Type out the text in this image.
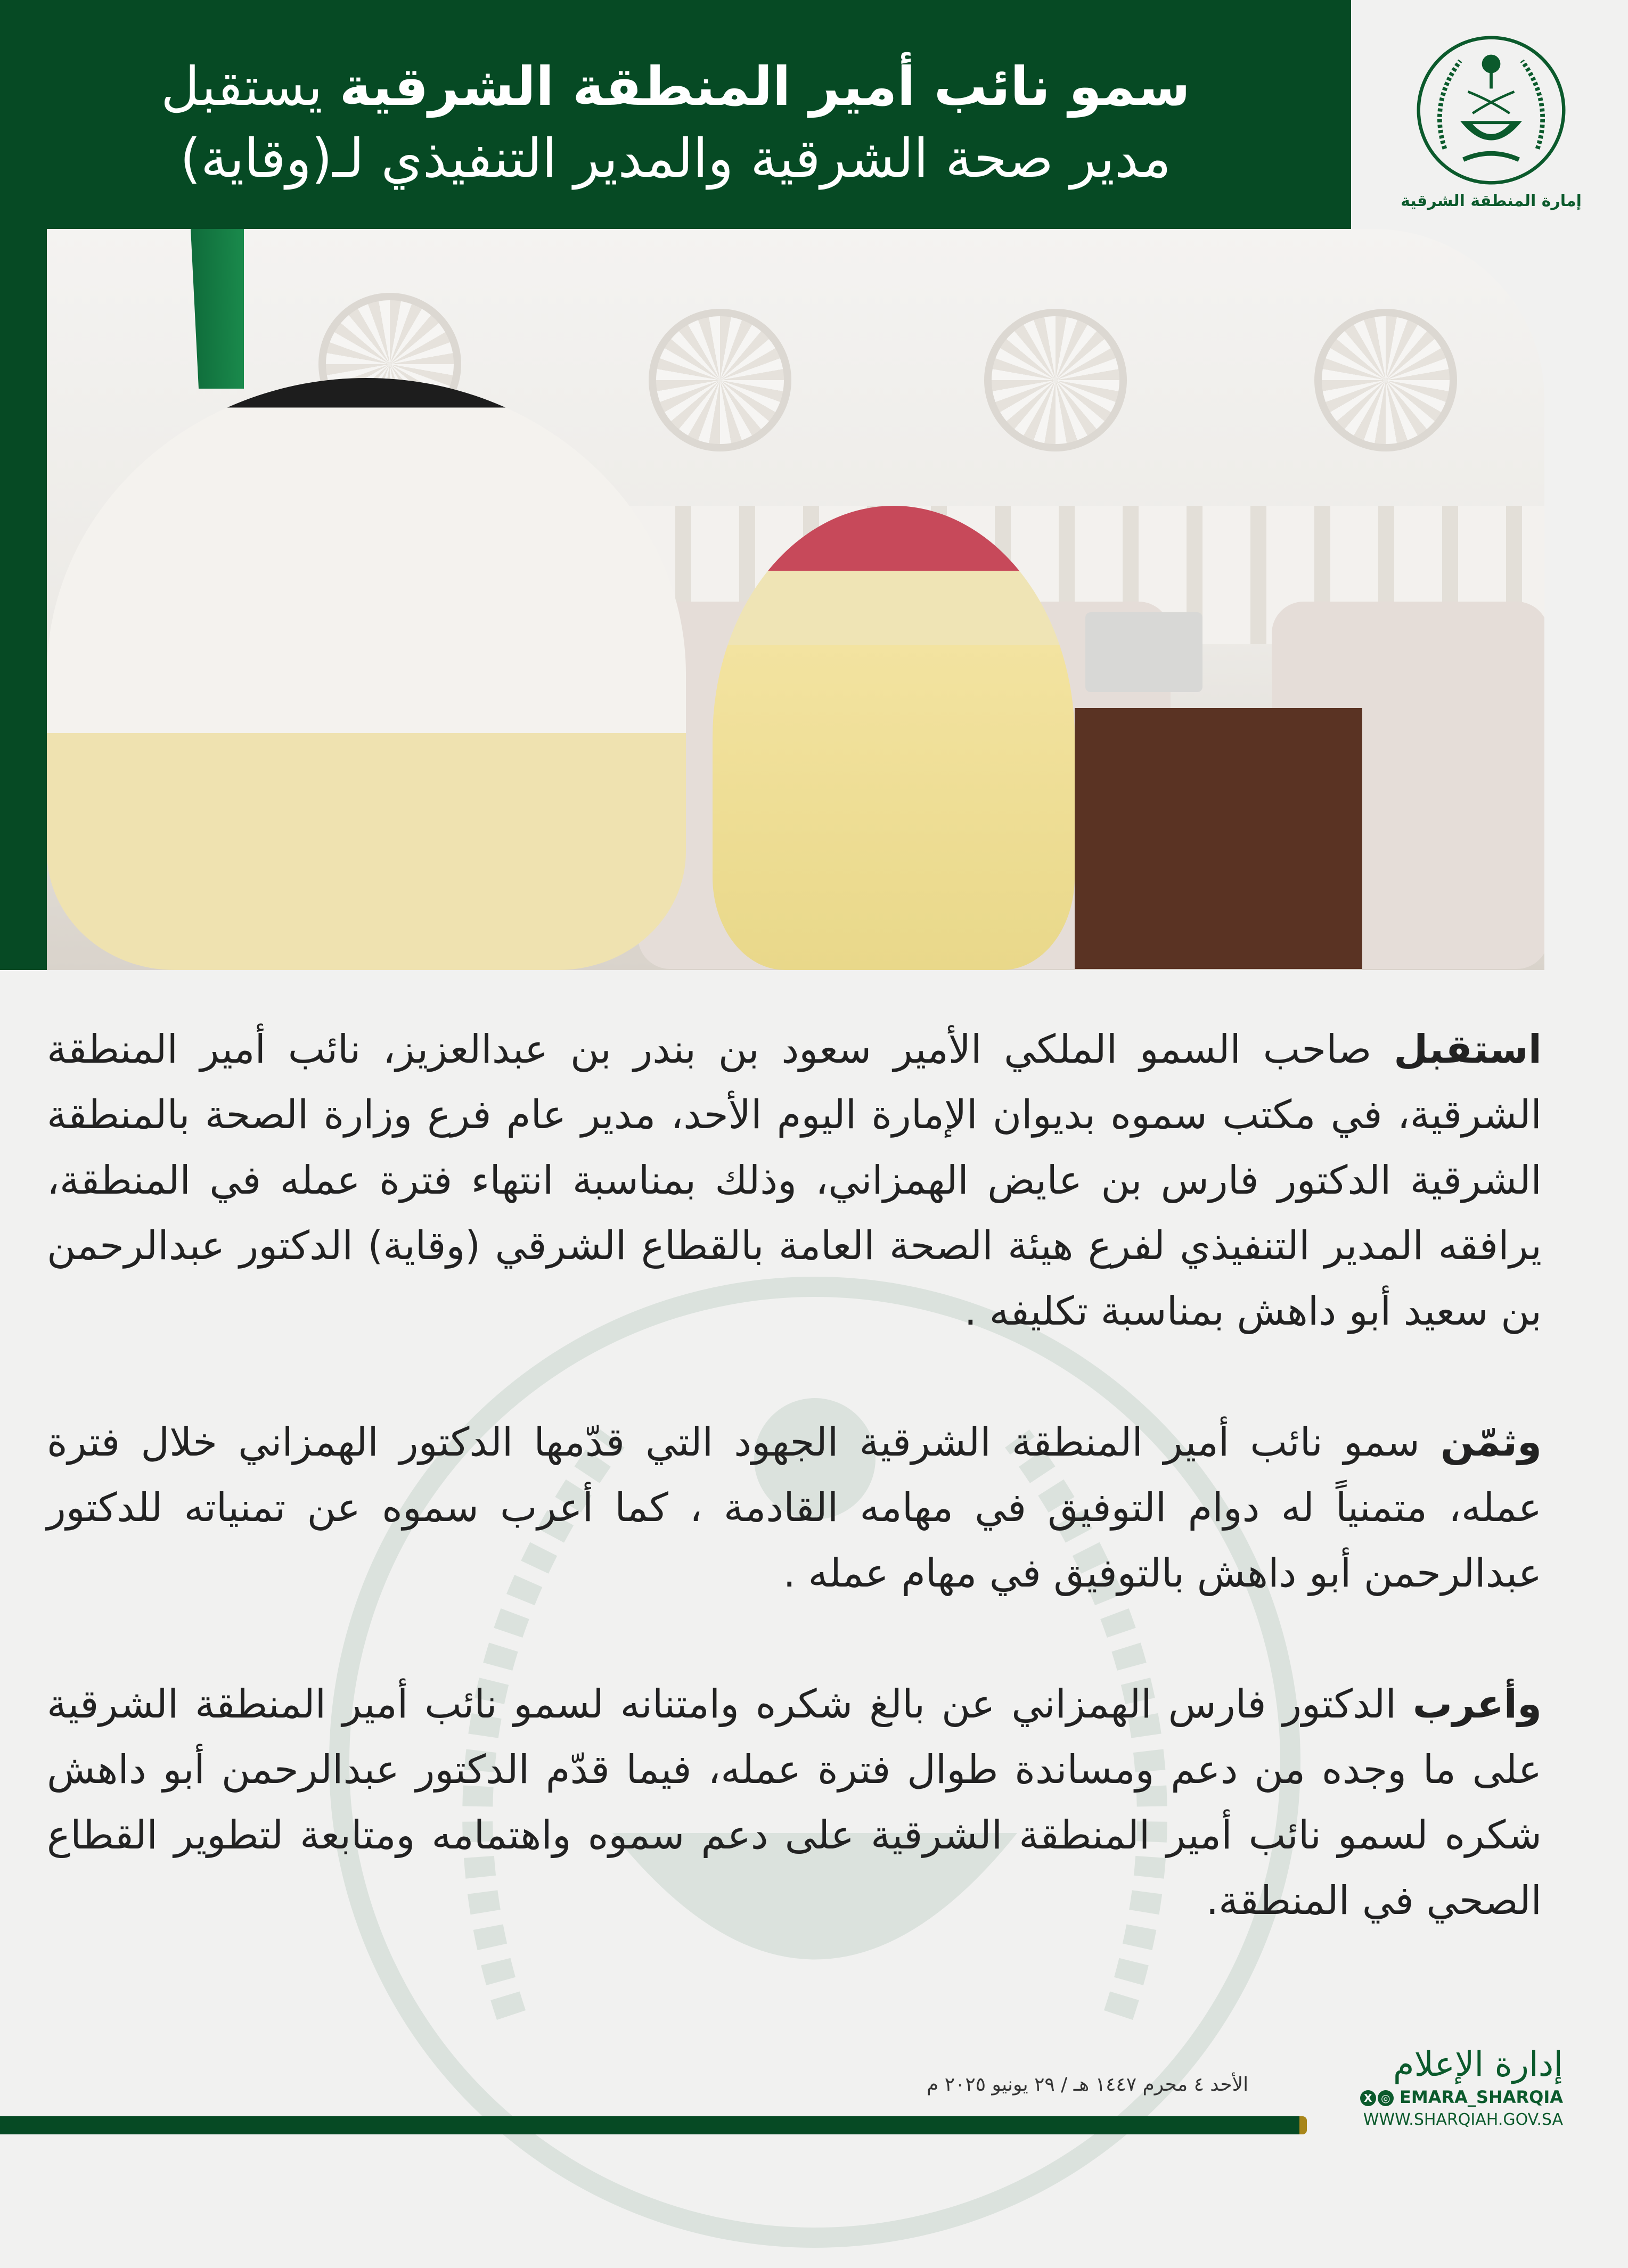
سمو نائب أمير المنطقة الشرقية يستقبل
مدير صحة الشرقية والمدير التنفيذي لـ(وقاية)
إمارة المنطقة الشرقية

استقبل صاحب السمو الملكي الأمير سعود بن بندر بن عبدالعزيز، نائب أمير المنطقة الشرقية، في مكتب سموه بديوان الإمارة اليوم الأحد، مدير عام فرع وزارة الصحة بالمنطقة الشرقية الدكتور فارس بن عايض الهمزاني، وذلك بمناسبة انتهاء فترة عمله في المنطقة، يرافقه المدير التنفيذي لفرع هيئة الصحة العامة بالقطاع الشرقي (وقاية) الدكتور عبدالرحمن بن سعيد أبو داهش بمناسبة تكليفه .

وثمّن سمو نائب أمير المنطقة الشرقية الجهود التي قدّمها الدكتور الهمزاني خلال فترة عمله، متمنياً له دوام التوفيق في مهامه القادمة ، كما أعرب سموه عن تمنياته للدكتور عبدالرحمن أبو داهش بالتوفيق في مهام عمله .

وأعرب الدكتور فارس الهمزاني عن بالغ شكره وامتنانه لسمو نائب أمير المنطقة الشرقية على ما وجده من دعم ومساندة طوال فترة عمله، فيما قدّم الدكتور عبدالرحمن أبو داهش شكره لسمو نائب أمير المنطقة الشرقية على دعم سموه واهتمامه ومتابعة لتطوير القطاع الصحي في المنطقة.

الأحد ٤ محرم ١٤٤٧ هـ / ٢٩ يونيو ٢٠٢٥ م
إدارة الإعلام
X ◎ EMARA_SHARQIA
WWW.SHARQIAH.GOV.SA
